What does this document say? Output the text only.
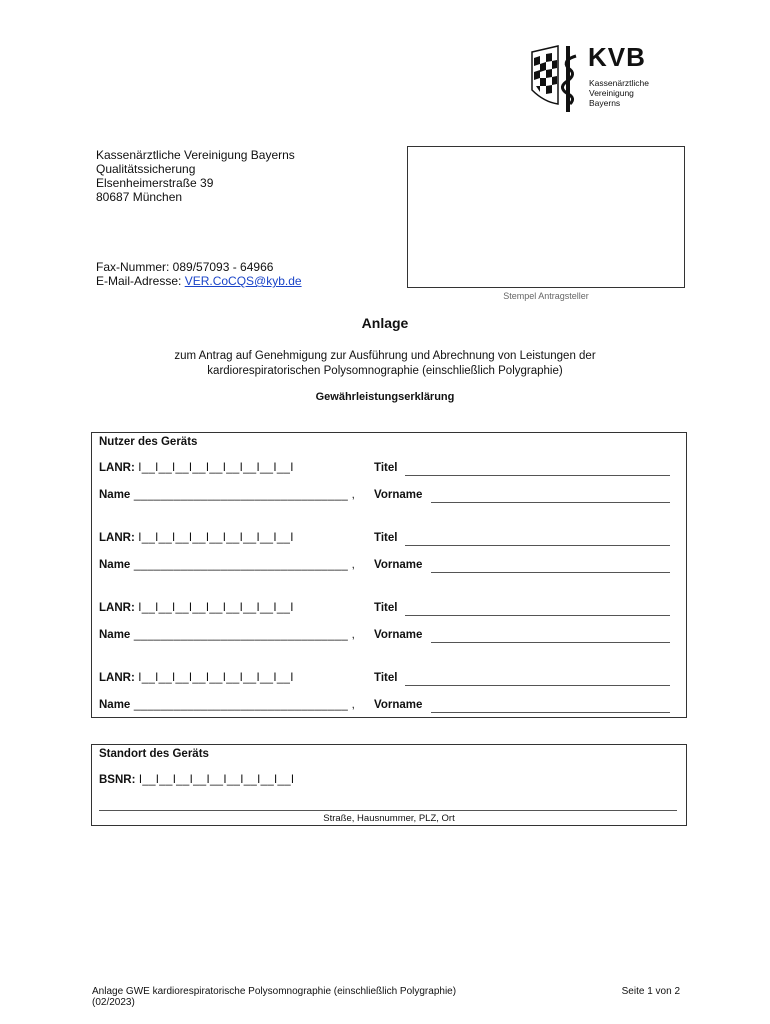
KVB
Kassenärztliche
Vereinigung
Bayerns
Kassenärztliche Vereinigung Bayerns
Qualitätssicherung
Elsenheimerstraße 39
80687 München
Fax-Nummer: 089/57093 - 64966
E-Mail-Adresse: VER.CoCQS@kyb.de
Stempel Antragsteller
Anlage
zum Antrag auf Genehmigung zur Ausführung und Abrechnung von Leistungen der
kardiorespiratorischen Polysomnographie (einschließlich Polygraphie)
Gewährleistungserklärung
Nutzer des Geräts
LANR: I__I__I__I__I__I__I__I__I__I	Titel
Name ________________________________ , Vorname
LANR: I__I__I__I__I__I__I__I__I__I	Titel
Name ________________________________ , Vorname
LANR: I__I__I__I__I__I__I__I__I__I	Titel
Name ________________________________ , Vorname
LANR: I__I__I__I__I__I__I__I__I__I	Titel
Name ________________________________ , Vorname
Standort des Geräts
BSNR: I__I__I__I__I__I__I__I__I__I
Straße, Hausnummer, PLZ, Ort
Anlage GWE kardiorespiratorische Polysomnographie (einschließlich Polygraphie)
(02/2023)
Seite 1 von 2
